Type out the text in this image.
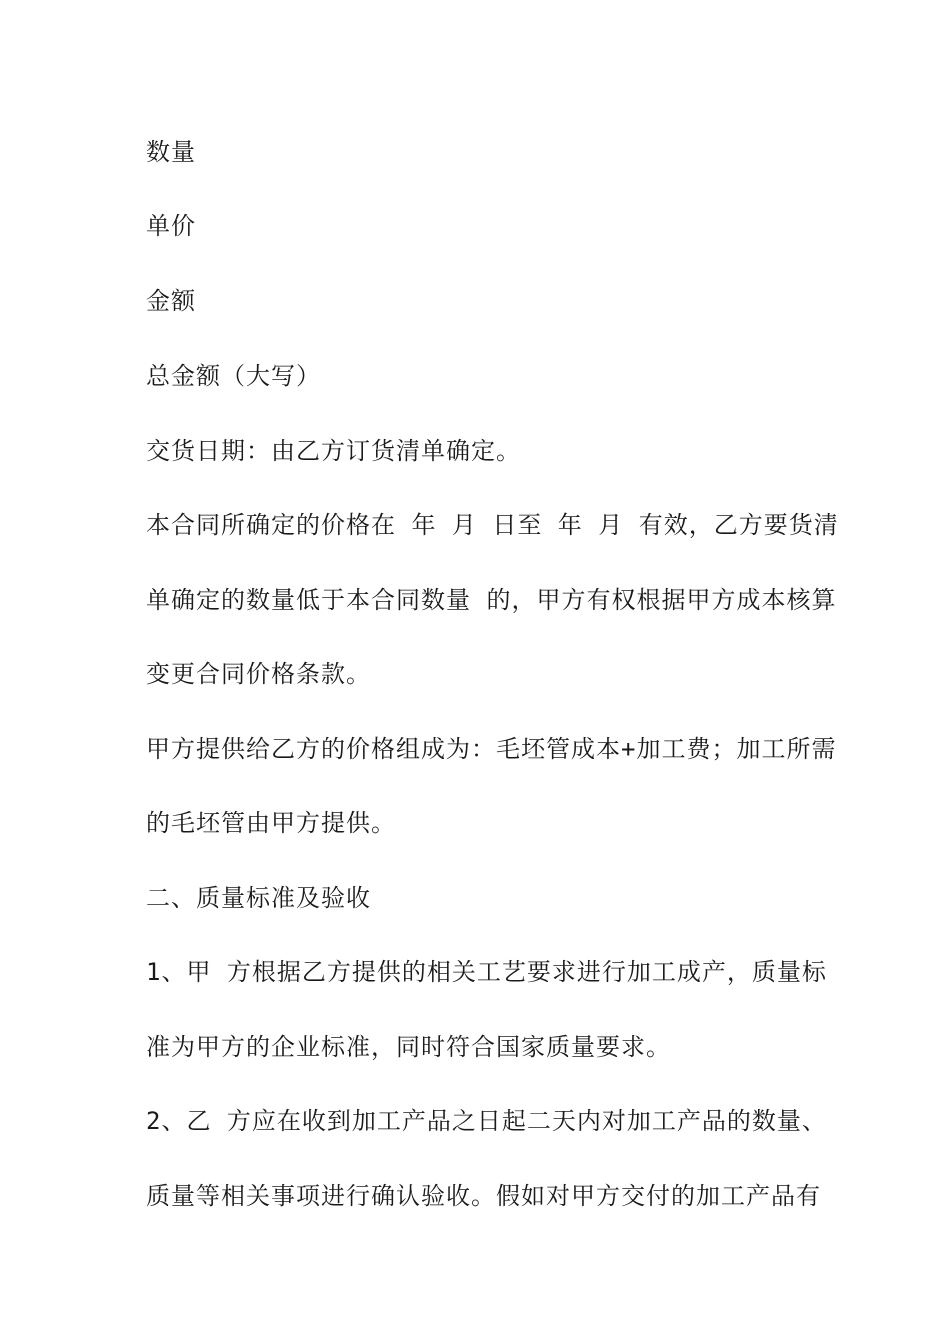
数量
单价
金额
总金额（大写）
交货日期：由乙方订货清单确定。
本合同所确定的价格在 年 月 日至 年 月 有效，乙方要货清
单确定的数量低于本合同数量 的，甲方有权根据甲方成本核算
变更合同价格条款。
甲方提供给乙方的价格组成为：毛坯管成本+加工费；加工所需
的毛坯管由甲方提供。
二、质量标准及验收
1、甲 方根据乙方提供的相关工艺要求进行加工成产，质量标
准为甲方的企业标准，同时符合国家质量要求。
2、乙 方应在收到加工产品之日起二天内对加工产品的数量、
质量等相关事项进行确认验收。假如对甲方交付的加工产品有
